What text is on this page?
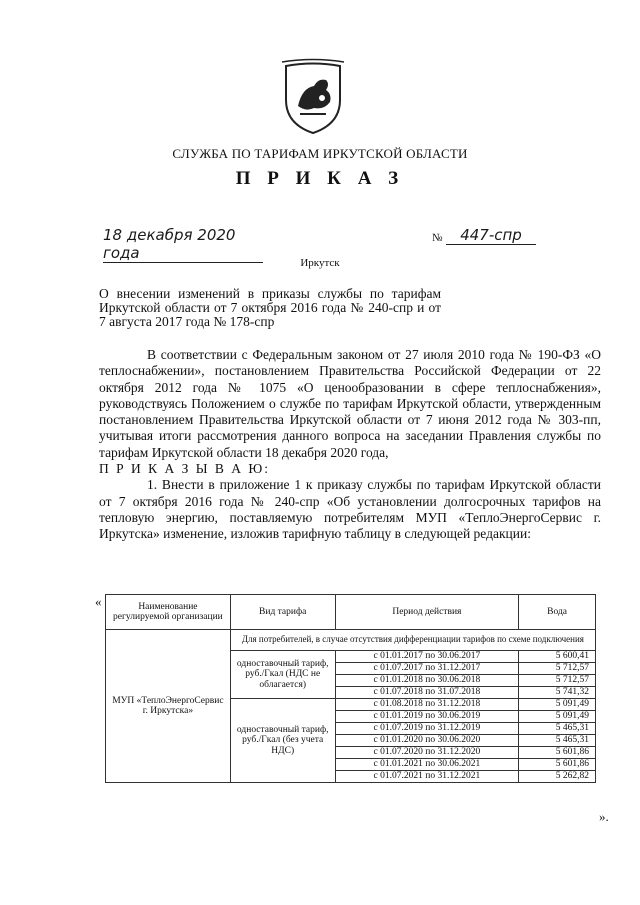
СЛУЖБА ПО ТАРИФАМ ИРКУТСКОЙ ОБЛАСТИ
П Р И К А З
18 декабря 2020 года
№	447-спр
Иркутск
О внесении изменений в приказы службы по тарифам Иркутской области от 7 октября 2016 года № 240-спр и от 7 августа 2017 года № 178-спр

В соответствии с Федеральным законом от 27 июля 2010 года № 190-ФЗ «О теплоснабжении», постановлением Правительства Российской Федерации от 22 октября 2012 года № 1075 «О ценообразовании в сфере теплоснабжения», руководствуясь Положением о службе по тарифам Иркутской области, утвержденным постановлением Правительства Иркутской области от 7 июня 2012 года № 303-пп, учитывая итоги рассмотрения данного вопроса на заседании Правления службы по тарифам Иркутской области 18 декабря 2020 года,

П Р И К А З Ы В А Ю:

1. Внести в приложение 1 к приказу службы по тарифам Иркутской области от 7 октября 2016 года № 240-спр «Об установлении долгосрочных тарифов на тепловую энергию, поставляемую потребителям МУП «ТеплоЭнергоСервис г. Иркутска» изменение, изложив тарифную таблицу в следующей редакции:

«	Наименование регулируемой организации	Вид тарифа	Период действия	Вода
МУП «ТеплоЭнергоСервис г. Иркутска»	Для потребителей, в случае отсутствия дифференциации тарифов по схеме подключения		
	одноставочный тариф, руб./Гкал (НДС не облагается)	с 01.01.2017 по 30.06.2017	5 600,41
		с 01.07.2017 по 31.12.2017	5 712,57
		с 01.01.2018 по 30.06.2018	5 712,57
		с 01.07.2018 по 31.07.2018	5 741,32
	одноставочный тариф, руб./Гкал (без учета НДС)	с 01.08.2018 по 31.12.2018	5 091,49
		с 01.01.2019 по 30.06.2019	5 091,49
		с 01.07.2019 по 31.12.2019	5 465,31
		с 01.01.2020 по 30.06.2020	5 465,31
		с 01.07.2020 по 31.12.2020	5 601,86
		с 01.01.2021 по 30.06.2021	5 601,86
		с 01.07.2021 по 31.12.2021	5 262,82
».
